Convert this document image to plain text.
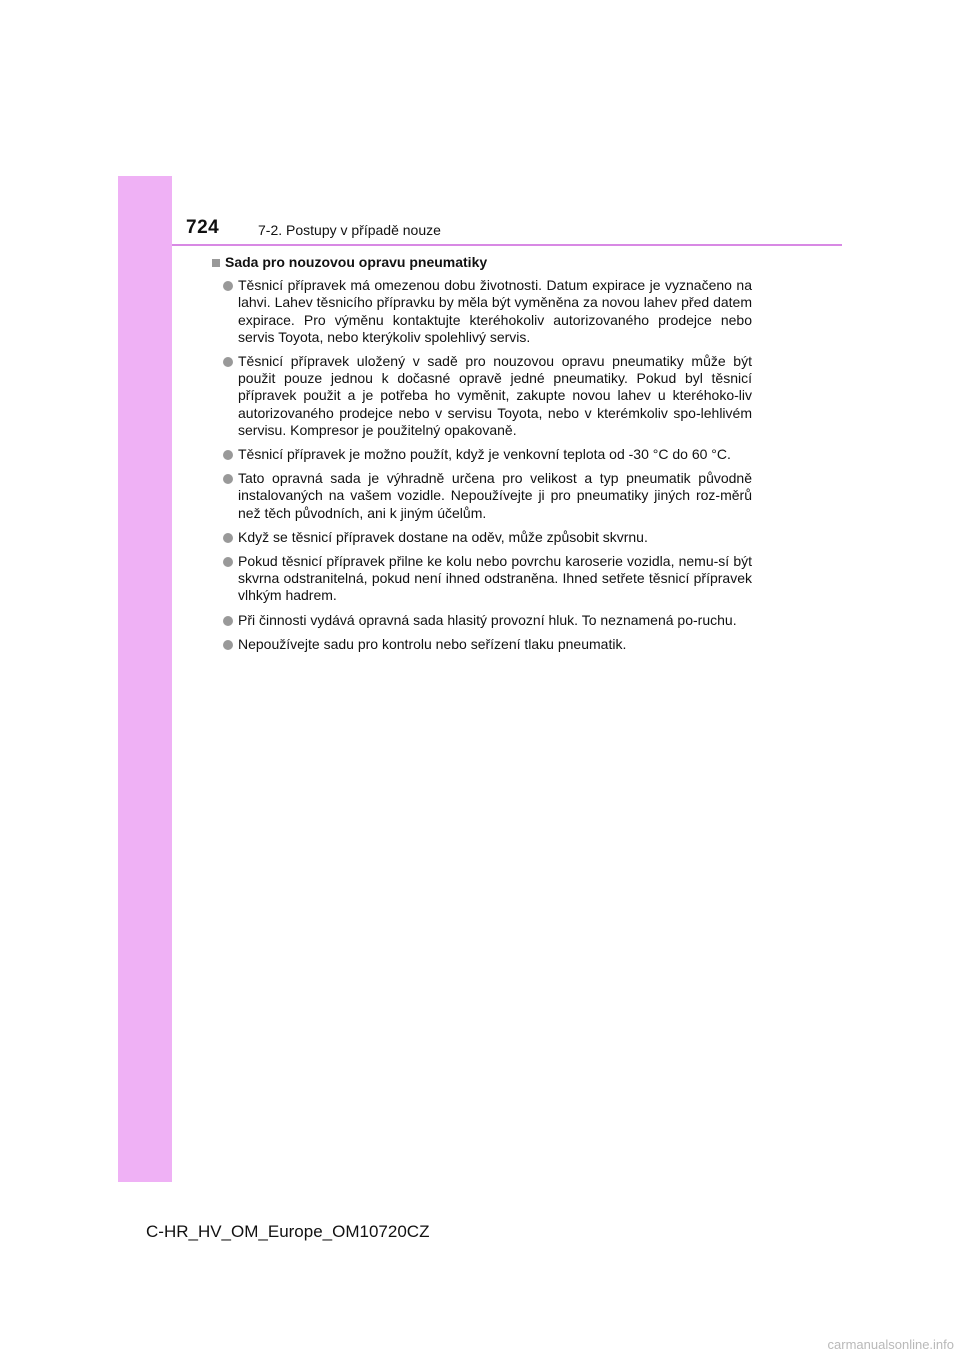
724	7-2. Postupy v případě nouze
Sada pro nouzovou opravu pneumatiky
Těsnicí přípravek má omezenou dobu životnosti. Datum expirace je vyznačeno na lahvi. Lahev těsnicího přípravku by měla být vyměněna za novou lahev před datem expirace. Pro výměnu kontaktujte kteréhokoliv autorizovaného prodejce nebo servis Toyota, nebo kterýkoliv spolehlivý servis.
Těsnicí přípravek uložený v sadě pro nouzovou opravu pneumatiky může být použit pouze jednou k dočasné opravě jedné pneumatiky. Pokud byl těsnicí přípravek použit a je potřeba ho vyměnit, zakupte novou lahev u kteréhoko-liv autorizovaného prodejce nebo v servisu Toyota, nebo v kterémkoliv spo-lehlivém servisu. Kompresor je použitelný opakovaně.
Těsnicí přípravek je možno použít, když je venkovní teplota od -30 °C do 60 °C.
Tato opravná sada je výhradně určena pro velikost a typ pneumatik původně instalovaných na vašem vozidle. Nepoužívejte ji pro pneumatiky jiných roz-měrů než těch původních, ani k jiným účelům.
Když se těsnicí přípravek dostane na oděv, může způsobit skvrnu.
Pokud těsnicí přípravek přilne ke kolu nebo povrchu karoserie vozidla, nemu-sí být skvrna odstranitelná, pokud není ihned odstraněna. Ihned setřete těsnicí přípravek vlhkým hadrem.
Při činnosti vydává opravná sada hlasitý provozní hluk. To neznamená po-ruchu.
Nepoužívejte sadu pro kontrolu nebo seřízení tlaku pneumatik.
C-HR_HV_OM_Europe_OM10720CZ
carmanualsonline.info
